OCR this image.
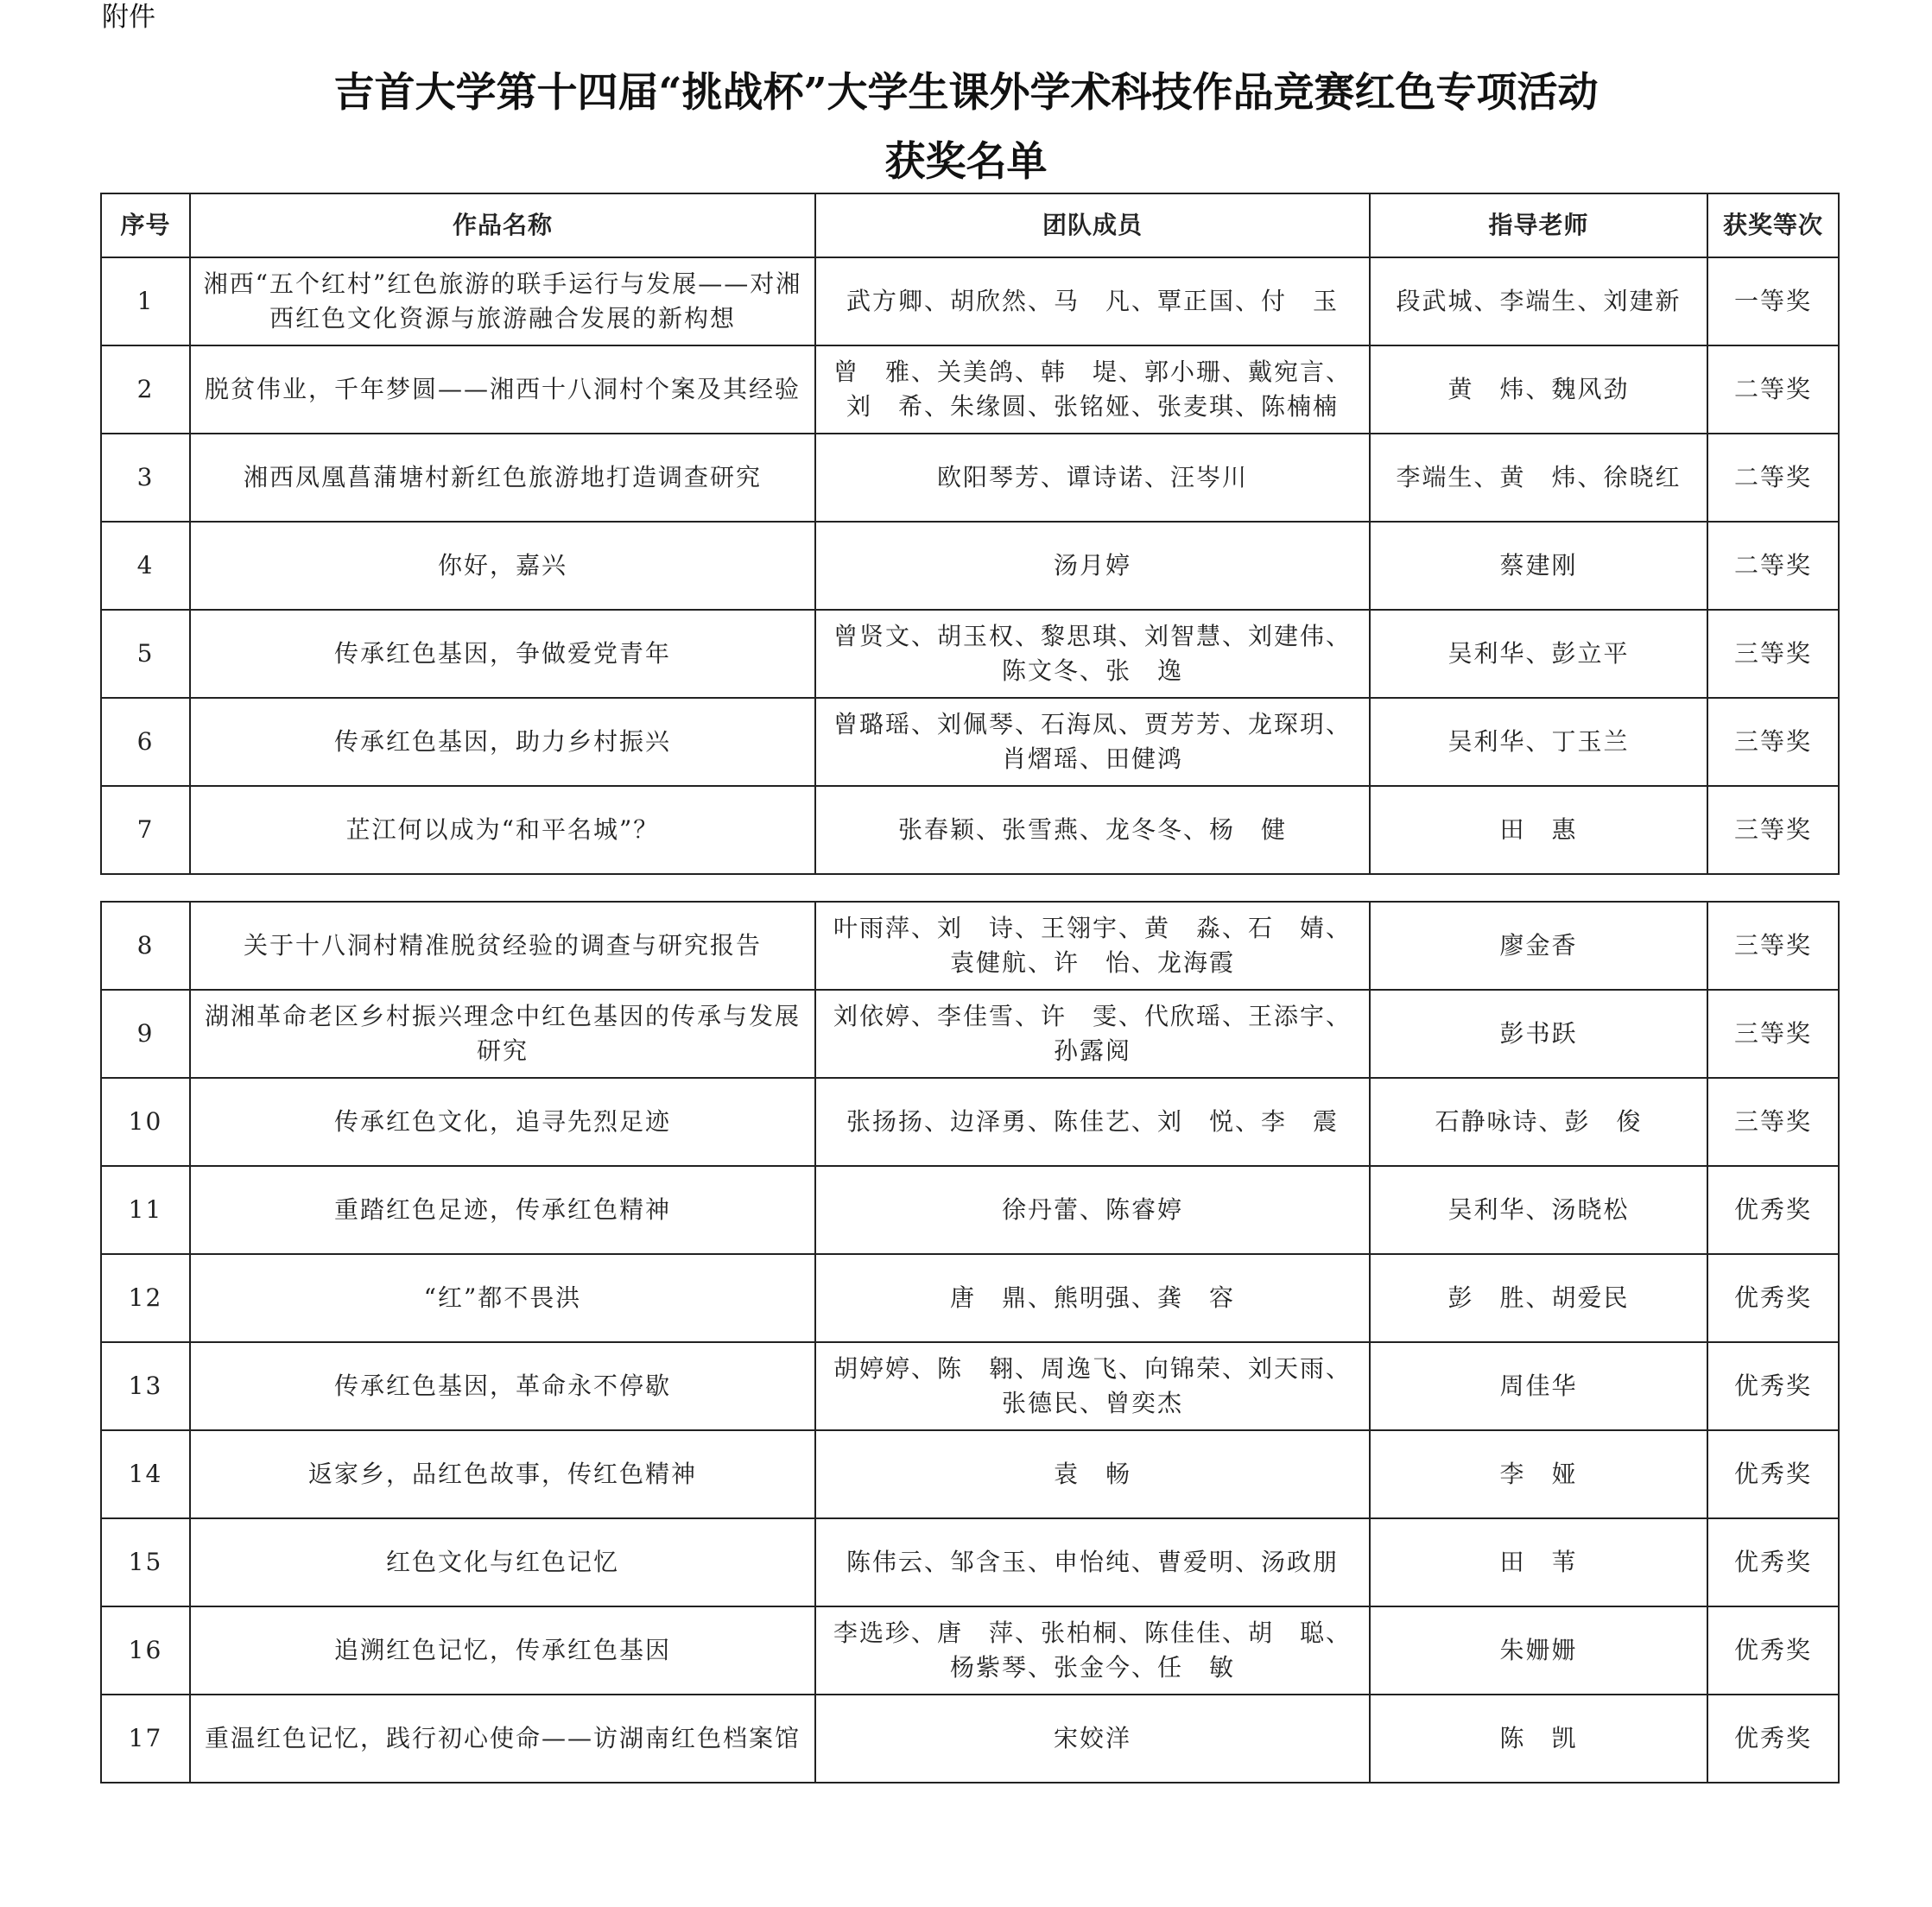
附件
吉首大学第十四届“挑战杯”大学生课外学术科技作品竞赛红色专项活动
获奖名单
序号	作品名称	团队成员	指导老师	获奖等次
1	湘西“五个红村”红色旅游的联手运行与发展——对湘西红色文化资源与旅游融合发展的新构想	武方卿、胡欣然、马　凡、覃正国、付　玉	段武城、李端生、刘建新	一等奖
2	脱贫伟业，千年梦圆——湘西十八洞村个案及其经验	曾　雅、关美鸽、韩　堤、郭小珊、戴宛言、刘　希、朱缘圆、张铭娅、张麦琪、陈楠楠	黄　炜、魏风劲	二等奖
3	湘西凤凰菖蒲塘村新红色旅游地打造调查研究	欧阳琴芳、谭诗诺、汪岑川	李端生、黄　炜、徐晓红	二等奖
4	你好，嘉兴	汤月婷	蔡建刚	二等奖
5	传承红色基因，争做爱党青年	曾贤文、胡玉权、黎思琪、刘智慧、刘建伟、陈文冬、张　逸	吴利华、彭立平	三等奖
6	传承红色基因，助力乡村振兴	曾璐瑶、刘佩琴、石海凤、贾芳芳、龙琛玥、肖熠瑶、田健鸿	吴利华、丁玉兰	三等奖
7	芷江何以成为“和平名城”？	张春颖、张雪燕、龙冬冬、杨　健	田　惠	三等奖
8	关于十八洞村精准脱贫经验的调查与研究报告	叶雨萍、刘　诗、王翎宇、黄　淼、石　婧、袁健航、许　怡、龙海霞	廖金香	三等奖
9	湖湘革命老区乡村振兴理念中红色基因的传承与发展研究	刘依婷、李佳雪、许　雯、代欣瑶、王添宇、孙露阅	彭书跃	三等奖
10	传承红色文化，追寻先烈足迹	张扬扬、边泽勇、陈佳艺、刘　悦、李　震	石静咏诗、彭　俊	三等奖
11	重踏红色足迹，传承红色精神	徐丹蕾、陈睿婷	吴利华、汤晓松	优秀奖
12	“红”都不畏洪	唐　鼎、熊明强、龚　容	彭　胜、胡爱民	优秀奖
13	传承红色基因，革命永不停歇	胡婷婷、陈　翱、周逸飞、向锦荣、刘天雨、张德民、曾奕杰	周佳华	优秀奖
14	返家乡，品红色故事，传红色精神	袁　畅	李　娅	优秀奖
15	红色文化与红色记忆	陈伟云、邹含玉、申怡纯、曹爱明、汤政朋	田　苇	优秀奖
16	追溯红色记忆，传承红色基因	李选珍、唐　萍、张柏桐、陈佳佳、胡　聪、杨紫琴、张金今、任　敏	朱姗姗	优秀奖
17	重温红色记忆，践行初心使命——访湖南红色档案馆	宋姣洋	陈　凯	优秀奖
